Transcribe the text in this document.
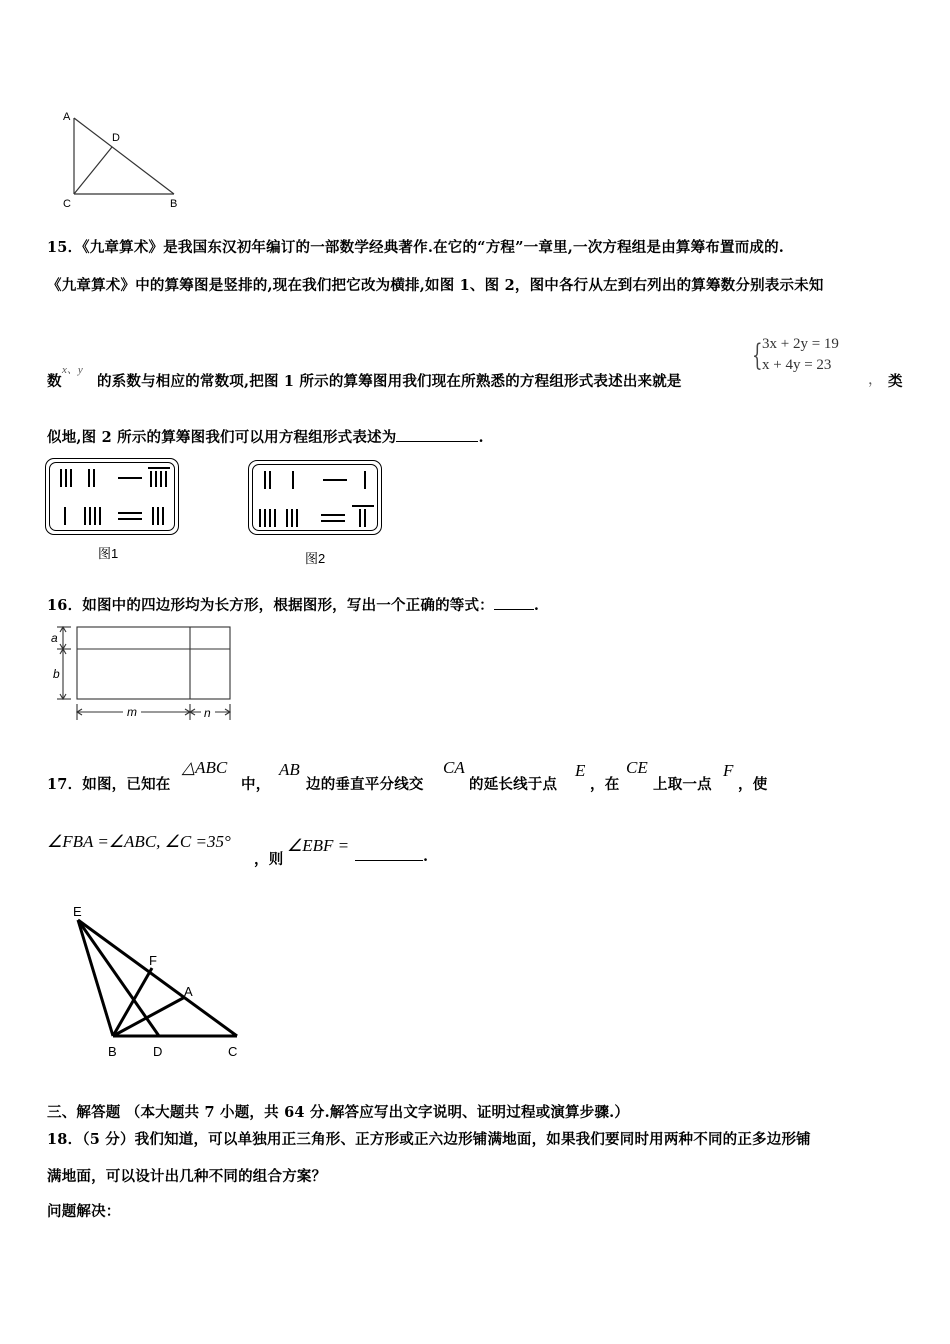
A
D
C	B
15．《九章算术》是我国东汉初年编订的一部数学经典著作.在它的“方程”一章里,一次方程组是由算筹布置而成的.
《九章算术》中的算筹图是竖排的,现在我们把它改为横排,如图 1、图 2，图中各行从左到右列出的算筹数分别表示未知
数
x、y
的系数与相应的常数项,把图 1 所示的算筹图用我们现在所熟悉的方程组形式表述出来就是
{ 3x + 2y = 19
x + 4y = 23
， 类
似地,图 2 所示的算筹图我们可以用方程组形式表述为	.
图1	图2
16．如图中的四边形均为长方形，根据图形，写出一个正确的等式：	.
a
b
m	n
17．如图，已知在
△ABC
中，
AB
边的垂直平分线交
CA
的延长线于点
E
，在
CE
上取一点
F
，使
∠FBA =∠ABC, ∠C =35°
，则
∠EBF =
.
E
F
A
B	D	C
三、解答题 （本大题共 7 小题，共 64 分.解答应写出文字说明、证明过程或演算步骤.）
18．（5 分）我们知道，可以单独用正三角形、正方形或正六边形铺满地面，如果我们要同时用两种不同的正多边形铺
满地面，可以设计出几种不同的组合方案？
问题解决：
